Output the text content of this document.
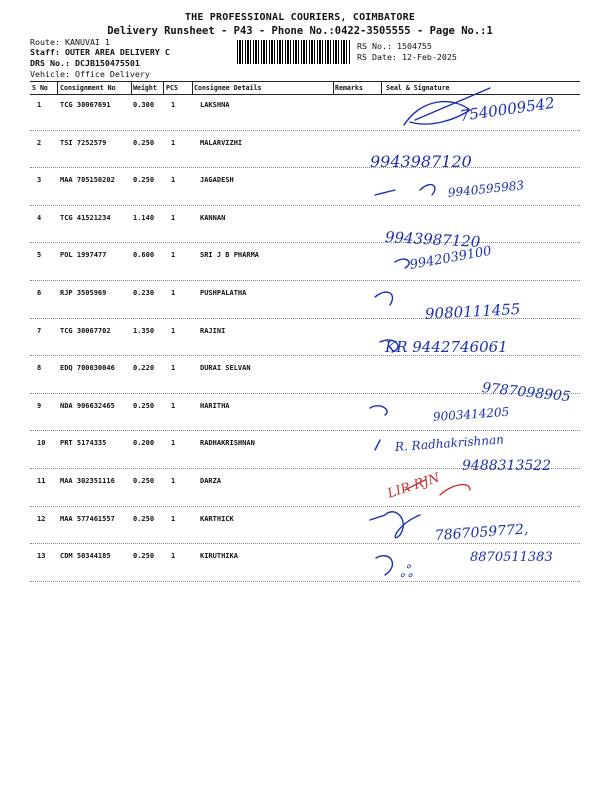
THE PROFESSIONAL COURIERS, COIMBATORE
Delivery Runsheet - P43 - Phone No.:0422-3505555 - Page No.:1
Route: KANUVAI 1
Staff: OUTER AREA DELIVERY C
DRS No.: DCJB150475501
Vehicle: Office Delivery
RS No.: 1504755
RS Date: 12-Feb-2025
S No Consignment No	Weight PCS Consignee Details	Remarks	Seal & Signature
1	TCG 30067691	0.300 1	LAKSHNA
2	TSI 7252579	0.250 1	MALARVIZHI
3	MAA 705150202	0.250 1	JAGADESH
4	TCG 41521234	1.140 1	KANNAN
5	POL 1997477	0.600 1	SRI J B PHARMA
6	RJP 3505969	0.230 1	PUSHPALATHA
7	TCG 30067702	1.350 1	RAJINI
8	EDQ 700030046	0.220 1	DURAI SELVAN
9	NDA 906632465	0.250 1	HARITHA
10 PRT 5174335	0.200 1	RADHAKRISHNAN
11 MAA 302351116	0.250 1	DARZA
12 MAA 577461557	0.250 1	KARTHICK
13 CDM 50344185	0.250 1	KIRUTHIKA
7540009542
9943987120
9940595983
9943987120
9942039100
9080111455
KR 9442746061
9787098905
9003414205
R. Radhakrishnan
9488313522
LIR RJN
7867059772,
8870511383
ஃ
